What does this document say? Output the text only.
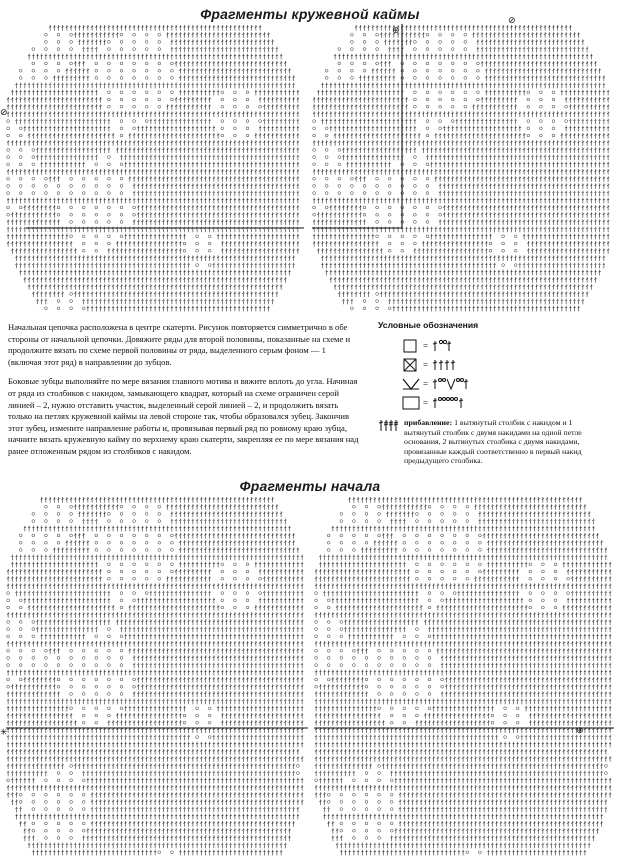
Фрагменты кружевной каймы
⊘
⊕
⊘

Начальная цепочка расположена в центре скатерти. Рисунок повторяется симметрично в обе стороны от начальной цепочки. Довяжите ряды для второй половины, показанные на схеме и продолжите вязать по схеме первой половины от ряда, выделенного серым фоном — 1 (включая этот ряд) в направлении до зубцов.

Боковые зубцы выполняйте по мере вязания главного мотива и вяжите вплоть до угла. Начиная от ряда из столбиков с накидом, замыкающего квадрат, который на схеме ограничен серой линией – 2, нужно отставить участок, выделенный серой линией – 2, и продолжить вязать только на петлях кружевной каймы на левой стороне так, чтобы образовался зубец. Закончив этот зубец, измените направление работы и, провязывая первый ряд по ровному краю зубца, начните вязать кружевную кайму по верхнему краю скатерти, закрепляя ее по мере вязания над ранее отложенным рядом из столбиков с накидом.

Условные обозначения
=
=
=
=
прибавление: 1 вытянутый столбик с накидом и 1 вытянутый столбик с двумя накидами на одной петле основания, 2 вытянутых столбика с двумя накидами, провязанные каждый соответственно в первый накид предыдущего столбика.
Фрагменты начала
✳	⊕
